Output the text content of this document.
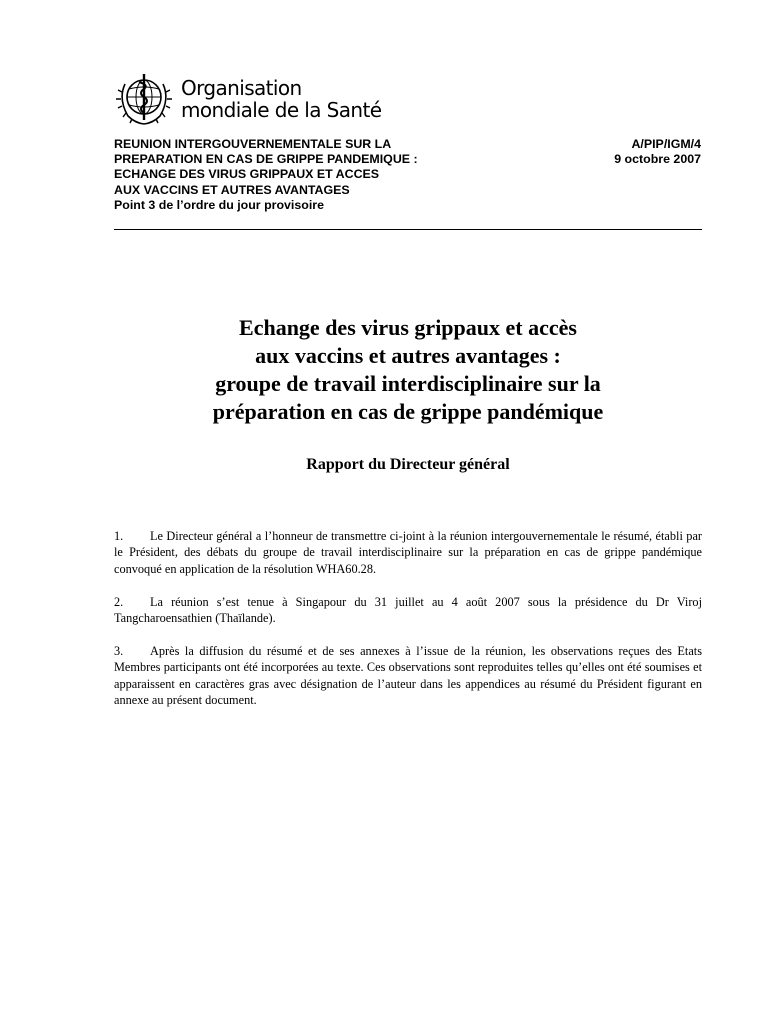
Organisation
mondiale de la Santé
REUNION INTERGOUVERNEMENTALE SUR LA
PREPARATION EN CAS DE GRIPPE PANDEMIQUE :
ECHANGE DES VIRUS GRIPPAUX ET ACCES
AUX VACCINS ET AUTRES AVANTAGES
Point 3 de l’ordre du jour provisoire
A/PIP/IGM/4
9 octobre 2007
Echange des virus grippaux et accès
aux vaccins et autres avantages :
groupe de travail interdisciplinaire sur la
préparation en cas de grippe pandémique
Rapport du Directeur général
1. Le Directeur général a l’honneur de transmettre ci-joint à la réunion intergouvernementale le résumé, établi par le Président, des débats du groupe de travail interdisciplinaire sur la préparation en cas de grippe pandémique convoqué en application de la résolution WHA60.28.
2. La réunion s’est tenue à Singapour du 31 juillet au 4 août 2007 sous la présidence du Dr Viroj Tangcharoensathien (Thaïlande).
3. Après la diffusion du résumé et de ses annexes à l’issue de la réunion, les observations reçues des Etats Membres participants ont été incorporées au texte. Ces observations sont reproduites telles qu’elles ont été soumises et apparaissent en caractères gras avec désignation de l’auteur dans les appendices au résumé du Président figurant en annexe au présent document.
